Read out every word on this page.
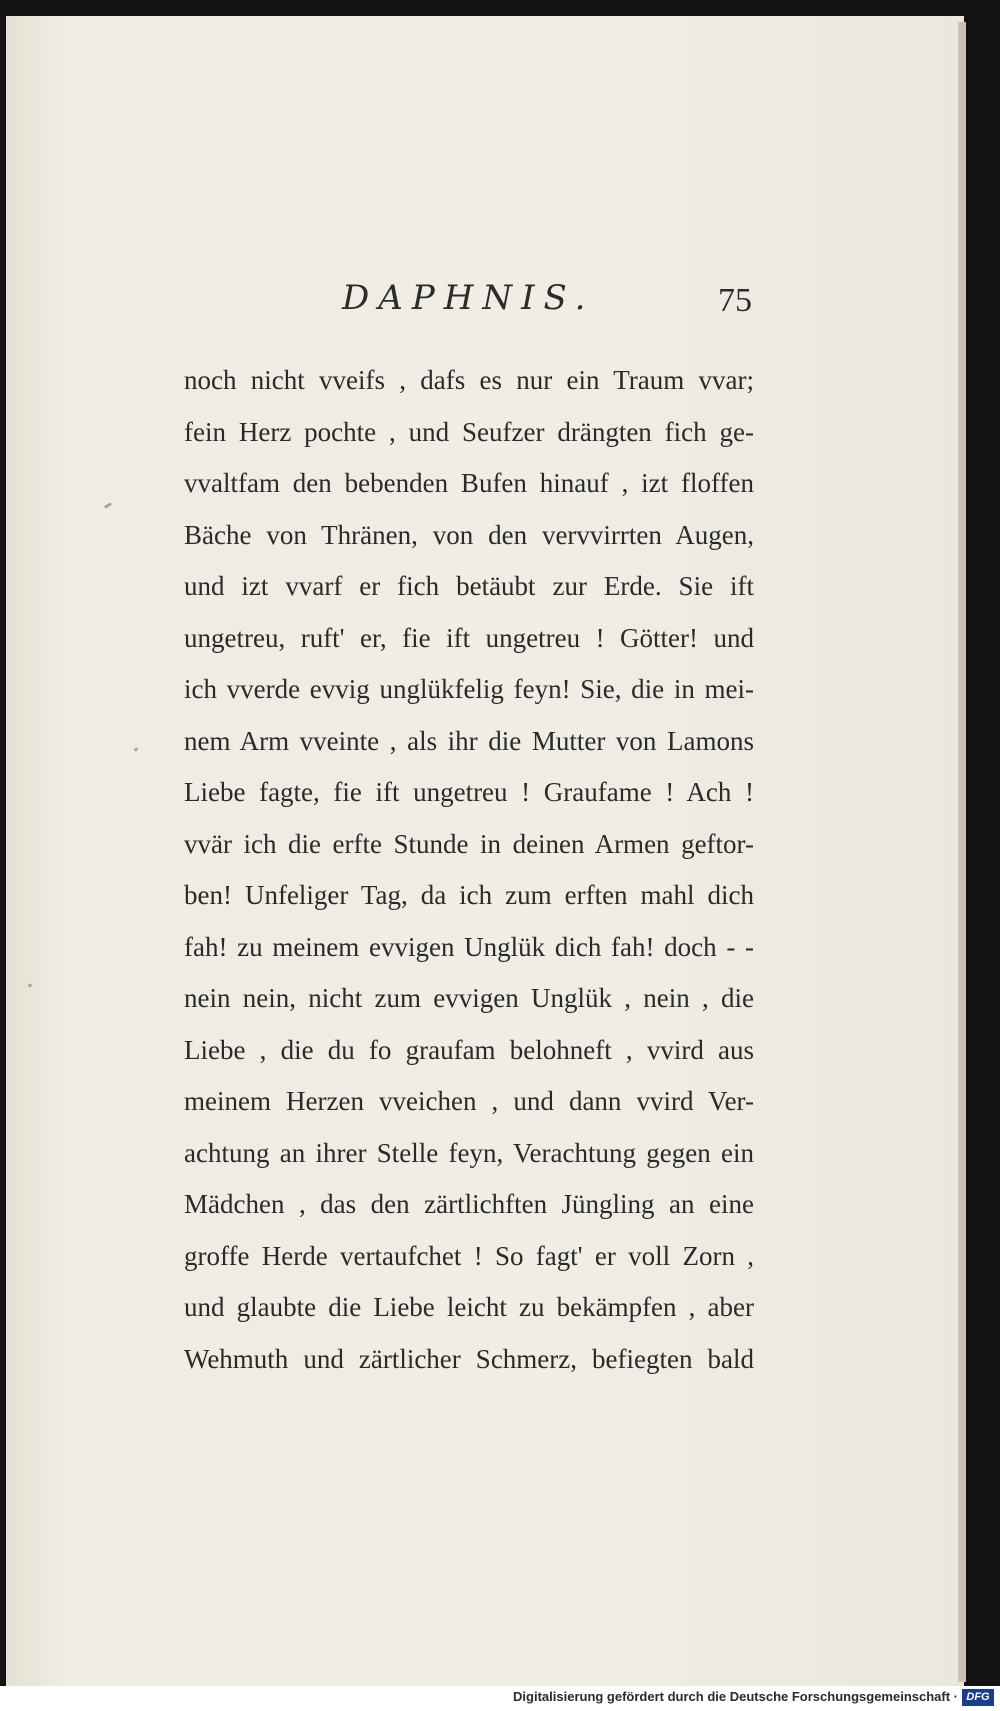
DAPHNIS.	75
noch nicht vveifs , dafs es nur ein Traum vvar;
fein Herz pochte , und Seufzer drängten fich ge-
vvaltfam den bebenden Bufen hinauf , izt floffen
Bäche von Thränen, von den vervvirrten Augen,
und izt vvarf er fich betäubt zur Erde. Sie ift
ungetreu, ruft' er, fie ift ungetreu ! Götter! und
ich vverde evvig unglükfelig feyn! Sie, die in mei-
nem Arm vveinte , als ihr die Mutter von Lamons
Liebe fagte, fie ift ungetreu ! Graufame ! Ach !
vvär ich die erfte Stunde in deinen Armen geftor-
ben! Unfeliger Tag, da ich zum erften mahl dich
fah! zu meinem evvigen Unglük dich fah! doch - -
nein nein, nicht zum evvigen Unglük , nein , die
Liebe , die du fo graufam belohneft , vvird aus
meinem Herzen vveichen , und dann vvird Ver-
achtung an ihrer Stelle feyn, Verachtung gegen ein
Mädchen , das den zärtlichften Jüngling an eine
groffe Herde vertaufchet ! So fagt' er voll Zorn ,
und glaubte die Liebe leicht zu bekämpfen , aber
Wehmuth und zärtlicher Schmerz, befiegten bald
Digitalisierung gefördert durch die Deutsche Forschungsgemeinschaft · DFG
